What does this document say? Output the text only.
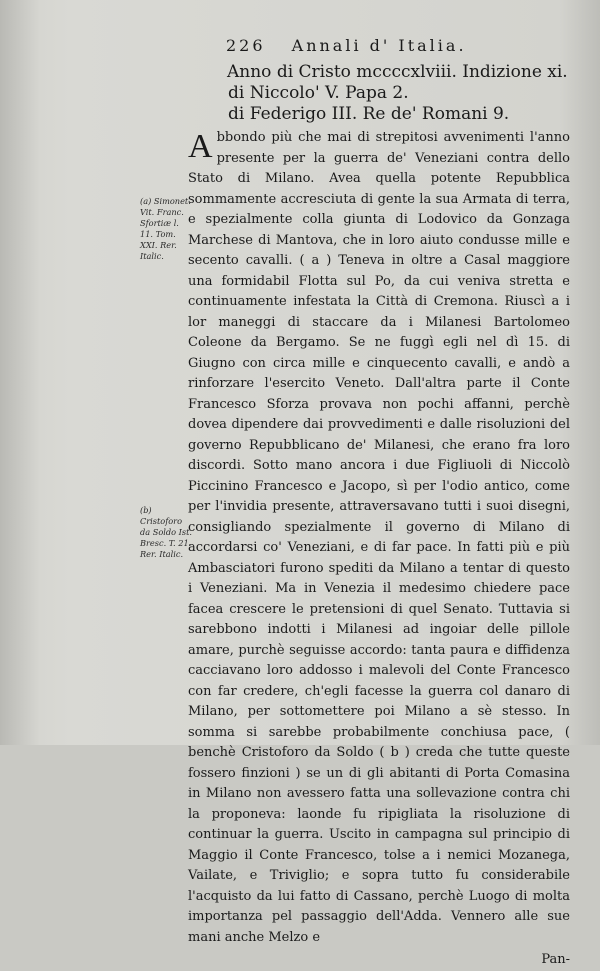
226 Annali d' Italia.
Anno di Cristo mccccxlviii. Indizione xi.
di Niccolo' V. Papa 2.
di Federigo III. Re de' Romani 9.
(a) Simonet. Vit. Franc. Sfortiæ l. 11. Tom. XXI. Rer. Italic.
(b) Cristoforo da Soldo Ist. Bresc. T. 21. Rer. Italic.

Abbondo più che mai di strepitosi avvenimenti l'anno presente per la guerra de' Veneziani contra dello Stato di Milano. Avea quella potente Repubblica sommamente accresciuta di gente la sua Armata di terra, e spezialmente colla giunta di Lodovico da Gonzaga Marchese di Mantova, che in loro aiuto condusse mille e secento cavalli. ( a ) Teneva in oltre a Casal maggiore una formidabil Flotta sul Po, da cui veniva stretta e continuamente infestata la Città di Cremona. Riuscì a i lor maneggi di staccare da i Milanesi Bartolomeo Coleone da Bergamo. Se ne fuggì egli nel dì 15. di Giugno con circa mille e cinquecento cavalli, e andò a rinforzare l'esercito Veneto. Dall'altra parte il Conte Francesco Sforza provava non pochi affanni, perchè dovea dipendere dai provvedimenti e dalle risoluzioni del governo Repubblicano de' Milanesi, che erano fra loro discordi. Sotto mano ancora i due Figliuoli di Niccolò Piccinino Francesco e Jacopo, sì per l'odio antico, come per l'invidia presente, attraversavano tutti i suoi disegni, consigliando spezialmente il governo di Milano di accordarsi co' Veneziani, e di far pace. In fatti più e più Ambasciatori furono spediti da Milano a tentar di questo i Veneziani. Ma in Venezia il medesimo chiedere pace facea crescere le pretensioni di quel Senato. Tuttavia si sarebbono indotti i Milanesi ad ingoiar delle pillole amare, purchè seguisse accordo: tanta paura e diffidenza cacciavano loro addosso i malevoli del Conte Francesco con far credere, ch'egli facesse la guerra col danaro di Milano, per sottomettere poi Milano a sè stesso. In somma si sarebbe probabilmente conchiusa pace, ( benchè Cristoforo da Soldo ( b ) creda che tutte queste fossero finzioni ) se un di gli abitanti di Porta Comasina in Milano non avessero fatta una sollevazione contra chi la proponeva: laonde fu ripigliata la risoluzione di continuar la guerra. Uscito in campagna sul principio di Maggio il Conte Francesco, tolse a i nemici Mozanega, Vailate, e Triviglio; e sopra tutto fu considerabile l'acquisto da lui fatto di Cassano, perchè Luogo di molta importanza pel passaggio dell'Adda. Vennero alle sue mani anche Melzo e

Pan-
